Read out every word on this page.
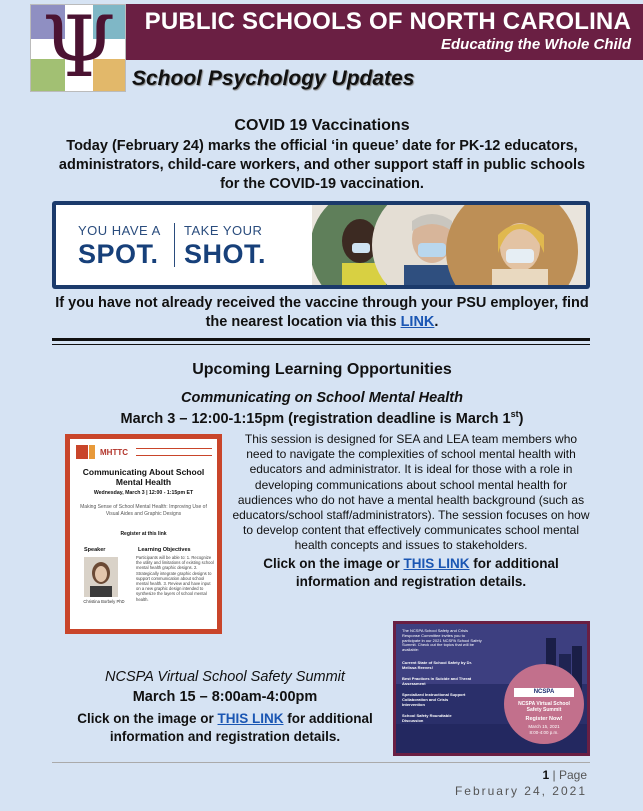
Ψ	PUBLIC SCHOOLS OF NORTH CAROLINA
Educating the Whole Child
School Psychology Updates
COVID 19 Vaccinations
Today (February 24) marks the official ‘in queue’ date for PK-12 educators, administrators, child-care workers, and other support staff in public schools for the COVID-19 vaccination.
YOU HAVE A
SPOT.
TAKE YOUR
SHOT.
If you have not already received the vaccine through your PSU employer, find the nearest location via this LINK.
Upcoming Learning Opportunities
Communicating on School Mental Health
March 3 – 12:00-1:15pm (registration deadline is March 1st)
MHTTC
Communicating About School Mental Health
Wednesday, March 3 | 12:00 - 1:15pm ET
Making Sense of School Mental Health: Improving Use of Visual Aides and Graphic Designs
Register at this link
Speaker	Learning Objectives
Participants will be able to: 1. Recognize the utility and limitations of existing school mental health graphic designs. 2. Strategically integrate graphic designs to support communication about school mental health. 3. Review and have input on a new graphic design intended to synthesize the layers of school mental health.
Christina Borbely PhD
This session is designed for SEA and LEA team members who need to navigate the complexities of school mental health with educators and administrator. It is ideal for those with a role in developing communications about school mental health for audiences who do not have a mental health background (such as educators/school staff/administrators). The session focuses on how to develop content that effectively communicates school mental health concepts and issues to stakeholders.
Click on the image or THIS LINK for additional information and registration details.
The NCSPA School Safety and Crisis Response Committee invites you to participate in our 2021 NCSPA School Safety Summit. Check out the topics that will be available:
Current State of School Safety by Dr. Melissa Reeves!
Best Practices in Suicide and Threat Assessment
Specialized Instructional Support Collaboration and Crisis Intervention
School Safety Roundtable Discussion
NCSPA
NCSPA Virtual School Safety Summit
Register Now!
March 15, 2021
8:00-4:00 p.m.
NCSPA Virtual School Safety Summit
March 15 – 8:00am-4:00pm
Click on the image or THIS LINK for additional information and registration details.
1 | Page
February 24, 2021
